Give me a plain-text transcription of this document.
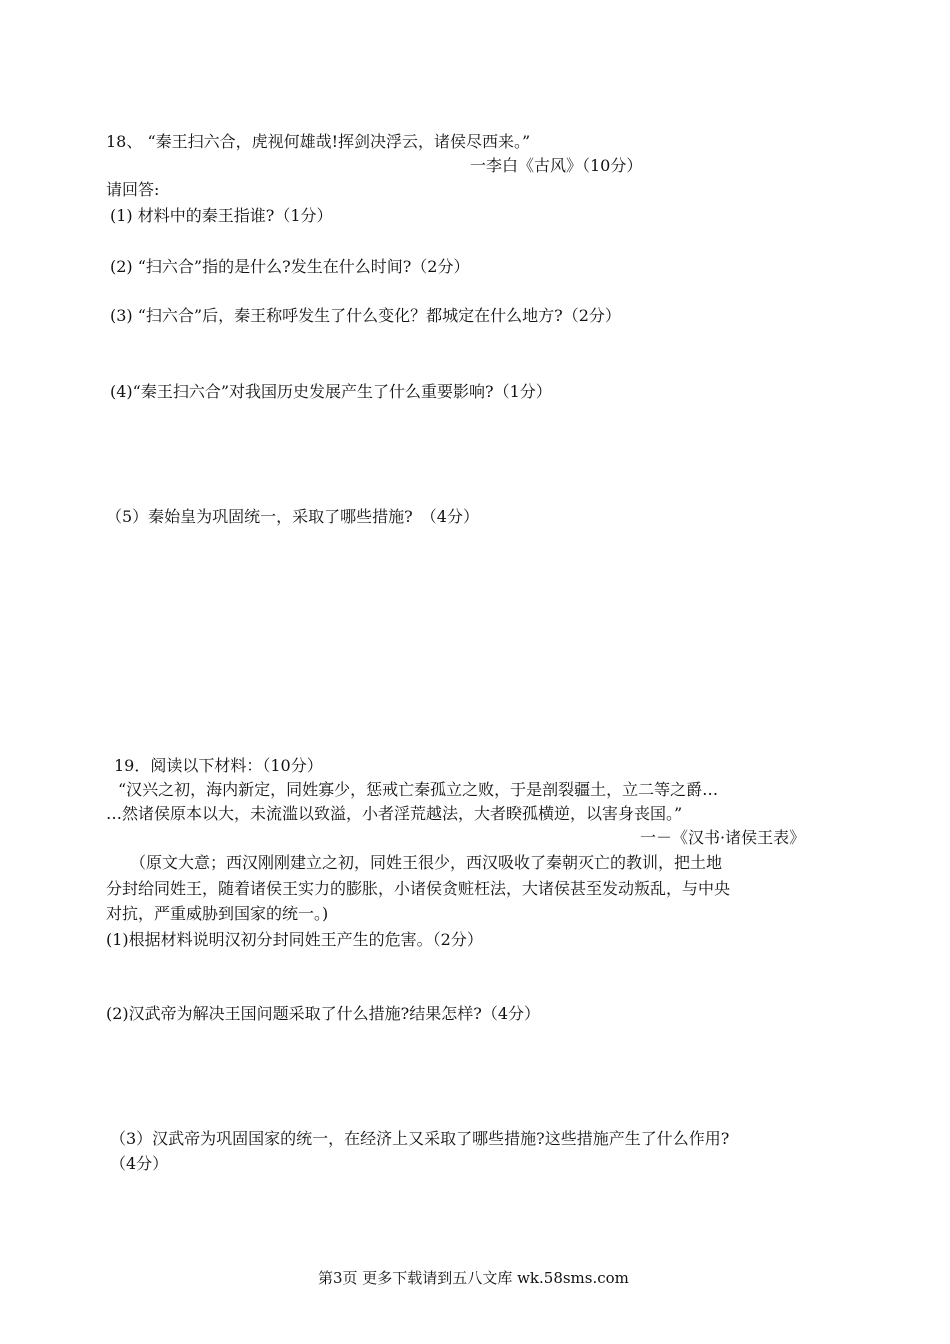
18、 “秦王扫六合，虎视何雄哉!挥剑决浮云，诸侯尽西来。”
一李白《古风》（10分）
请回答:
(1) 材料中的秦王指谁?（1分）
(2) “扫六合”指的是什么?发生在什么时间?（2分）
(3) “扫六合”后，秦王称呼发生了什么变化？都城定在什么地方?（2分）
(4)“秦王扫六合”对我国历史发展产生了什么重要影响?（1分）
（5）秦始皇为巩固统一，采取了哪些措施?　（4分）
19．阅读以下材料：（10分）
“汉兴之初，海内新定，同姓寡少，惩戒亡秦孤立之败，于是剖裂疆土，立二等之爵…
…然诸侯原本以大，未流滥以致溢，小者淫荒越法，大者睽孤横逆，以害身丧国。”
一－《汉书·诸侯王表》
（原文大意；西汉刚刚建立之初，同姓王很少，西汉吸收了秦朝灭亡的教训，把土地
分封给同姓王，随着诸侯王实力的膨胀，小诸侯贪赃枉法，大诸侯甚至发动叛乱，与中央
对抗，严重威胁到国家的统一。)
(1)根据材料说明汉初分封同姓王产生的危害。（2分）
(2)汉武帝为解决王国问题采取了什么措施?结果怎样?（4分）
（3）汉武帝为巩固国家的统一，在经济上又采取了哪些措施?这些措施产生了什么作用?
（4分）
第3页 更多下载请到五八文库 wk.58sms.com
